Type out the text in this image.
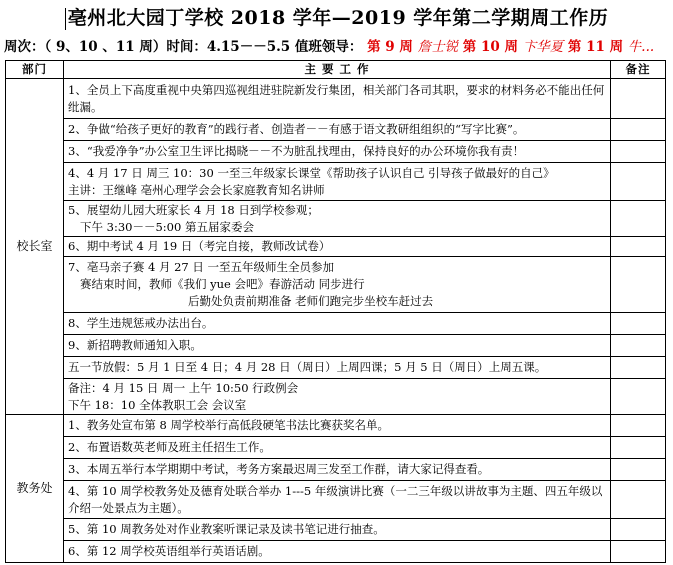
亳州北大园丁学校 2018 学年—2019 学年第二学期周工作历
周次：（ 9、10 、11 周）时间：4.15－－5.5 值班领导： 第 9 周 詹士锐 第 10 周 卞华夏 第 11 周 牛...
部门	主 要 工 作	备注
校长室	1、全员上下高度重视中央第四巡视组进驻院新发行集团，相关部门各司其职，要求的材料务必不能出任何纰漏。	

	2、争做“给孩子更好的教育”的践行者、创造者－－有感于语文教研组组织的“写字比赛”。	

	3、“我爱净争”办公室卫生评比揭晓－－不为脏乱找理由，保持良好的办公环境你我有责！	

	4、4 月 17 日 周三 10：30 一至三年级家长课堂《帮助孩子认识自己 引导孩子做最好的自己》
主讲：王继峰 亳州心理学会会长家庭教育知名讲师	

	5、展望幼儿园大班家长 4 月 18 日到学校参观；
下午 3:30－－5:00 第五届家委会	

	6、期中考试 4 月 19 日（考完自接，教师改试卷）	

	7、亳马亲子赛 4 月 27 日 一至五年级师生全员参加
赛结束时间，教师《我们 yue 会吧》春游活动 同步进行
后勤处负责前期准备 老师们跑完步坐校车赶过去	

	8、学生违规惩戒办法出台。	

	9、新招聘教师通知入职。	

	五一节放假：5 月 1 日至 4 日；4 月 28 日（周日）上周四课；5 月 5 日（周日）上周五课。	

	备注：4 月 15 日 周一 上午 10:50 行政例会
下午 18：10 全体教职工会 会议室	

教务处	1、教务处宣布第 8 周学校举行高低段硬笔书法比赛获奖名单。	

	2、布置语数英老师及班主任招生工作。	

	3、本周五举行本学期期中考试，考务方案最迟周三发至工作群，请大家记得查看。	

	4、第 10 周学校教务处及德育处联合举办 1---5 年级演讲比赛（一二三年级以讲故事为主题、四五年级以介绍一处景点为主题）。	

	5、第 10 周教务处对作业教案听课记录及读书笔记进行抽查。	

	6、第 12 周学校英语组举行英语话剧。	
